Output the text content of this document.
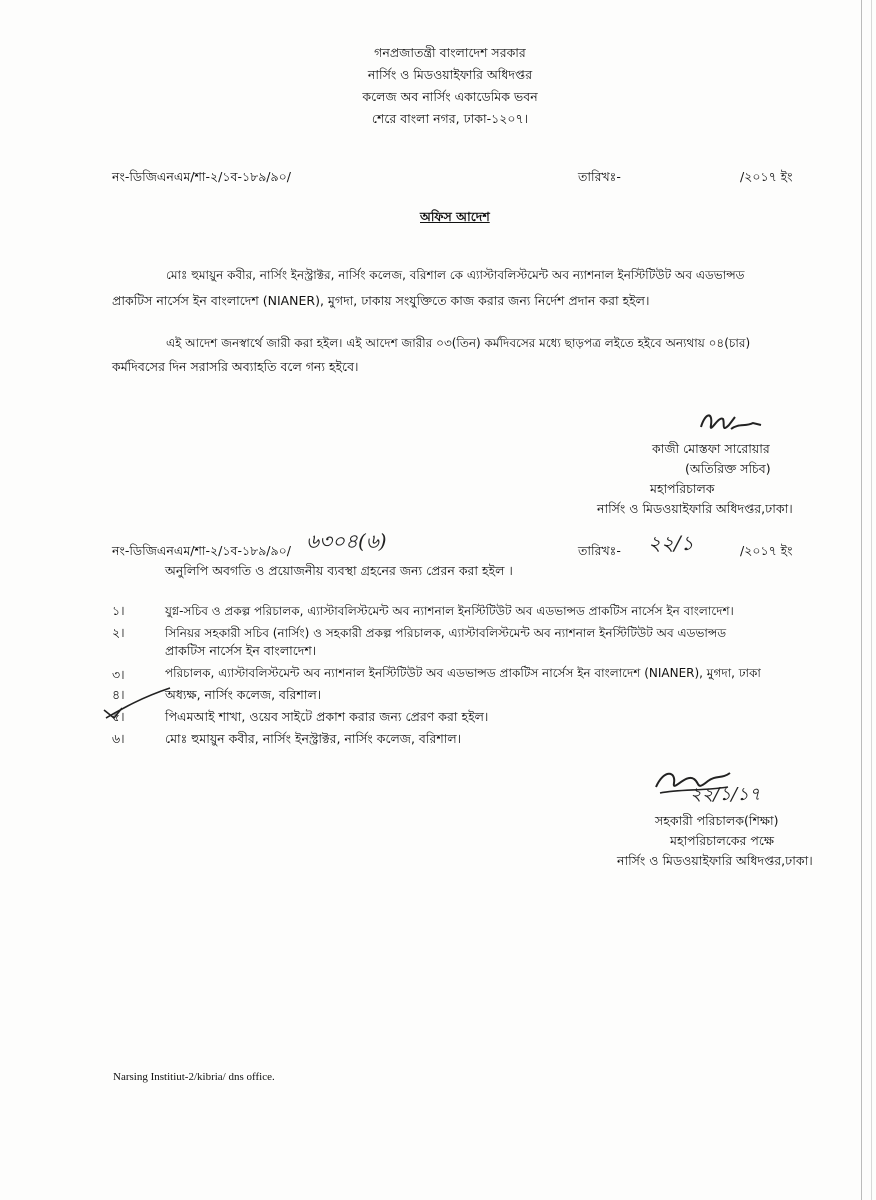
গনপ্রজাতন্ত্রী বাংলাদেশ সরকার
নার্সিং ও মিডওয়াইফারি অধিদপ্তর
কলেজ অব নার্সিং একাডেমিক ভবন
শেরে বাংলা নগর, ঢাকা-১২০৭।
নং-ডিজিএনএম/শা-২/১ব-১৮৯/৯০/	তারিখঃ-	/২০১৭ ইং
অফিস আদেশ
মোঃ হুমায়ুন কবীর, নার্সিং ইনস্ট্রাক্টর, নার্সিং কলেজ, বরিশাল কে এ্যাস্টাবলিস্টমেন্ট অব ন্যাশনাল ইনস্টিটিউট অব এডভান্সড
প্রাকটিস নার্সেস ইন বাংলাদেশ (NIANER), মুগদা, ঢাকায় সংযুক্তিতে কাজ করার জন্য নির্দেশ প্রদান করা হইল।
এই আদেশ জনস্বার্থে জারী করা হইল। এই আদেশ জারীর ০৩(তিন) কর্মদিবসের মধ্যে ছাড়পত্র লইতে হইবে অন্যথায় ০৪(চার)
কর্মদিবসের দিন সরাসরি অব্যাহতি বলে গন্য হইবে।
কাজী মোস্তফা সারোয়ার
(অতিরিক্ত সচিব)
মহাপরিচালক
নার্সিং ও মিডওয়াইফারি অধিদপ্তর,ঢাকা।
নং-ডিজিএনএম/শা-২/১ব-১৮৯/৯০/ ৬৩০৪(৬)	তারিখঃ- ২২/১	/২০১৭ ইং
অনুলিপি অবগতি ও প্রয়োজনীয় ব্যবস্থা গ্রহনের জন্য প্রেরন করা হইল ।
১।	যুগ্ন-সচিব ও প্রকল্প পরিচালক, এ্যাস্টাবলিস্টমেন্ট অব ন্যাশনাল ইনস্টিটিউট অব এডভান্সড প্রাকটিস নার্সেস ইন বাংলাদেশ।
২।	সিনিয়র সহকারী সচিব (নার্সিং) ও সহকারী প্রকল্প পরিচালক, এ্যাস্টাবলিস্টমেন্ট অব ন্যাশনাল ইনস্টিটিউট অব এডভান্সড
প্রাকটিস নার্সেস ইন বাংলাদেশ।
৩।	পরিচালক, এ্যাস্টাবলিস্টমেন্ট অব ন্যাশনাল ইনস্টিটিউট অব এডভান্সড প্রাকটিস নার্সেস ইন বাংলাদেশ (NIANER), মুগদা, ঢাকা
৪।	অধ্যক্ষ, নার্সিং কলেজ, বরিশাল।
৫।	পিএমআই শাখা, ওয়েব সাইটে প্রকাশ করার জন্য প্রেরণ করা হইল।
৬।	মোঃ হুমায়ুন কবীর, নার্সিং ইনস্ট্রাক্টর, নার্সিং কলেজ, বরিশাল।
২২/১/১৭
সহকারী পরিচালক(শিক্ষা)
মহাপরিচালকের পক্ষে
নার্সিং ও মিডওয়াইফারি অধিদপ্তর,ঢাকা।
Narsing Institiut-2/kibria/ dns office.
